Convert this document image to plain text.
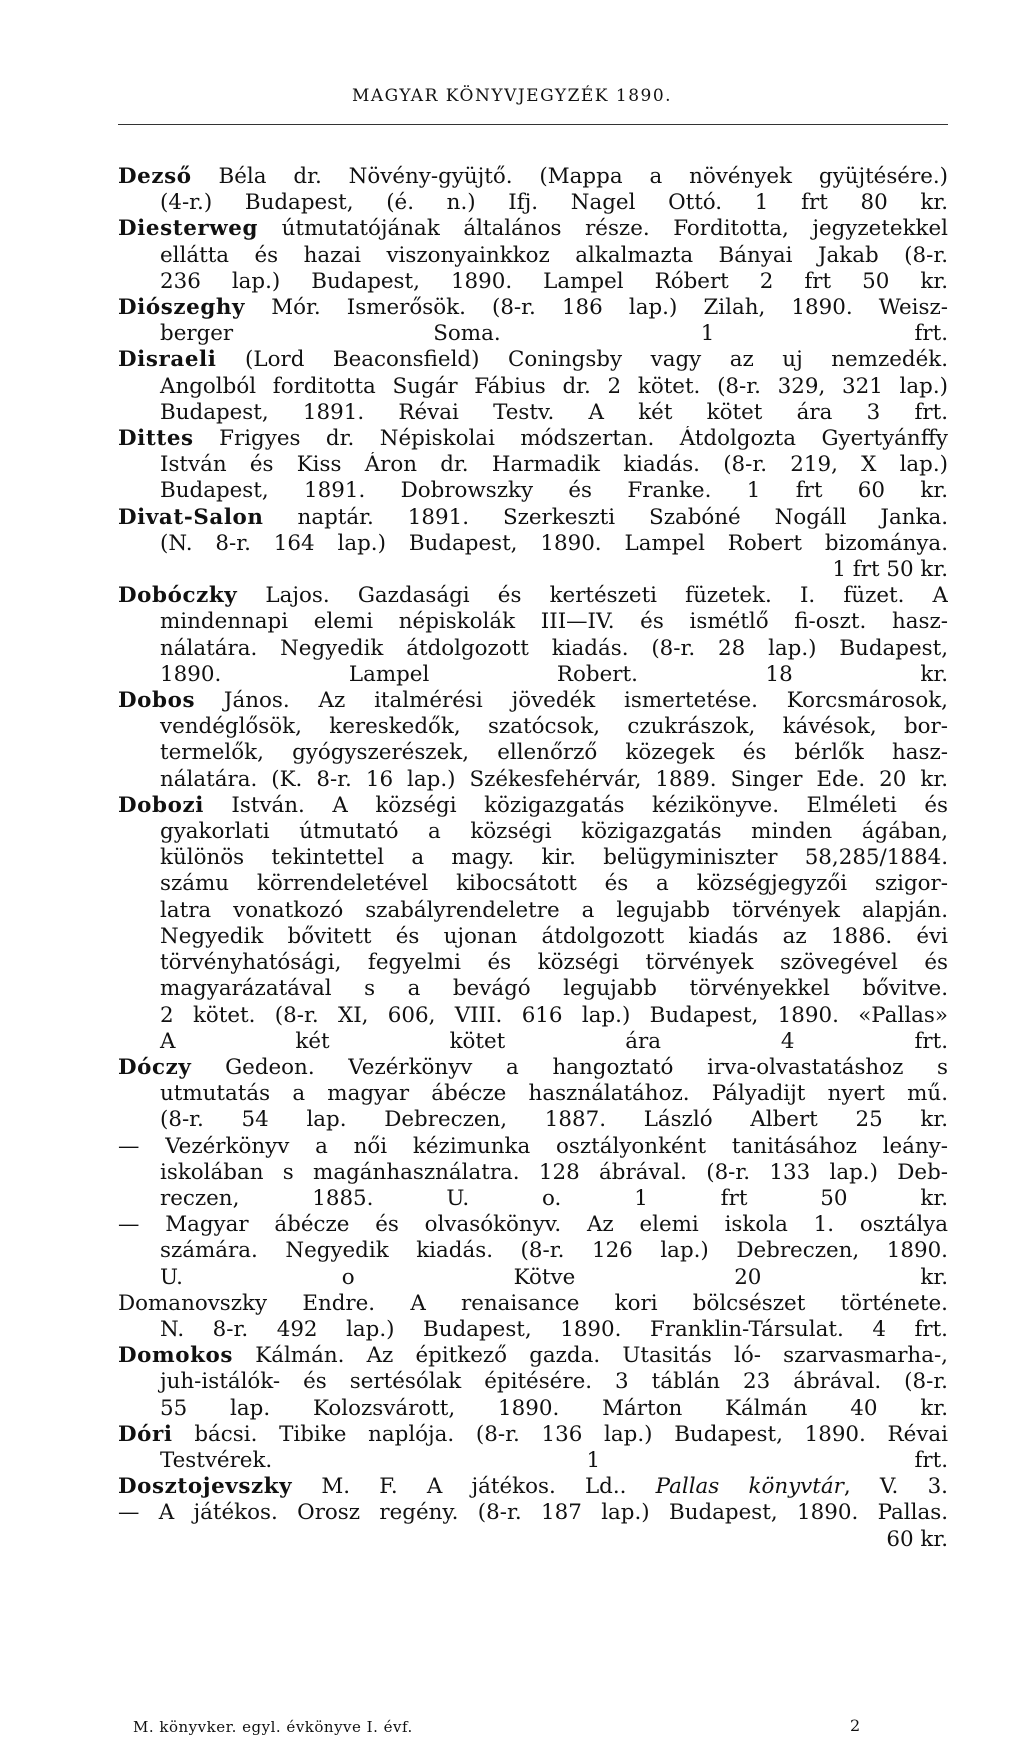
MAGYAR KÖNYVJEGYZÉK 1890.
Dezső Béla dr. Növény-gyüjtő. (Mappa a növények gyüjtésére.)
(4-r.) Budapest, (é. n.) Ifj. Nagel Ottó. 1 frt 80 kr.
Diesterweg útmutatójának általános része. Forditotta, jegyzetekkel
ellátta és hazai viszonyainkkoz alkalmazta Bányai Jakab (8-r.
236 lap.) Budapest, 1890. Lampel Róbert 2 frt 50 kr.
Diószeghy Mór. Ismerősök. (8-r. 186 lap.) Zilah, 1890. Weisz-
berger Soma. 1 frt.
Disraeli (Lord Beaconsfield) Coningsby vagy az uj nemzedék.
Angolból forditotta Sugár Fábius dr. 2 kötet. (8-r. 329, 321 lap.)
Budapest, 1891. Révai Testv. A két kötet ára 3 frt.
Dittes Frigyes dr. Népiskolai módszertan. Átdolgozta Gyertyánffy
István és Kiss Áron dr. Harmadik kiadás. (8-r. 219, X lap.)
Budapest, 1891. Dobrowszky és Franke. 1 frt 60 kr.
Divat-Salon naptár. 1891. Szerkeszti Szabóné Nogáll Janka.
(N. 8-r. 164 lap.) Budapest, 1890. Lampel Robert bizománya.
1 frt 50 kr.
Dobóczky Lajos. Gazdasági és kertészeti füzetek. I. füzet. A
mindennapi elemi népiskolák III—IV. és ismétlő fi-oszt. hasz-
nálatára. Negyedik átdolgozott kiadás. (8-r. 28 lap.) Budapest,
1890. Lampel Robert. 18 kr.
Dobos János. Az italmérési jövedék ismertetése. Korcsmárosok,
vendéglősök, kereskedők, szatócsok, czukrászok, kávésok, bor-
termelők, gyógyszerészek, ellenőrző közegek és bérlők hasz-
nálatára. (K. 8-r. 16 lap.) Székesfehérvár, 1889. Singer Ede. 20 kr.
Dobozi István. A községi közigazgatás kézikönyve. Elméleti és
gyakorlati útmutató a községi közigazgatás minden ágában,
különös tekintettel a magy. kir. belügyminiszter 58,285/1884.
számu körrendeletével kibocsátott és a községjegyzői szigor-
latra vonatkozó szabályrendeletre a legujabb törvények alapján.
Negyedik bővitett és ujonan átdolgozott kiadás az 1886. évi
törvényhatósági, fegyelmi és községi törvények szövegével és
magyarázatával s a bevágó legujabb törvényekkel bővitve.
2 kötet. (8-r. XI, 606, VIII. 616 lap.) Budapest, 1890. «Pallas»
A két kötet ára 4 frt.
Dóczy Gedeon. Vezérkönyv a hangoztató irva-olvastatáshoz s
utmutatás a magyar ábécze használatához. Pályadijt nyert mű.
(8-r. 54 lap. Debreczen, 1887. László Albert 25 kr.
— Vezérkönyv a női kézimunka osztályonként tanitásához leány-
iskolában s magánhasználatra. 128 ábrával. (8-r. 133 lap.) Deb-
reczen, 1885. U. o. 1 frt 50 kr.
— Magyar ábécze és olvasókönyv. Az elemi iskola 1. osztálya
számára. Negyedik kiadás. (8-r. 126 lap.) Debreczen, 1890.
U. o Kötve 20 kr.
Domanovszky Endre. A renaisance kori bölcsészet története.
N. 8-r. 492 lap.) Budapest, 1890. Franklin-Társulat. 4 frt.
Domokos Kálmán. Az épitkező gazda. Utasitás ló- szarvasmarha-,
juh-istálók- és sertésólak épitésére. 3 táblán 23 ábrával. (8-r.
55 lap. Kolozsvárott, 1890. Márton Kálmán 40 kr.
Dóri bácsi. Tibike naplója. (8-r. 136 lap.) Budapest, 1890. Révai
Testvérek. 1 frt.
Dosztojevszky M. F. A játékos. Ld.. Pallas könyvtár, V. 3.
— A játékos. Orosz regény. (8-r. 187 lap.) Budapest, 1890. Pallas.
60 kr.
M. könyvker. egyl. évkönyve I. évf.	2
